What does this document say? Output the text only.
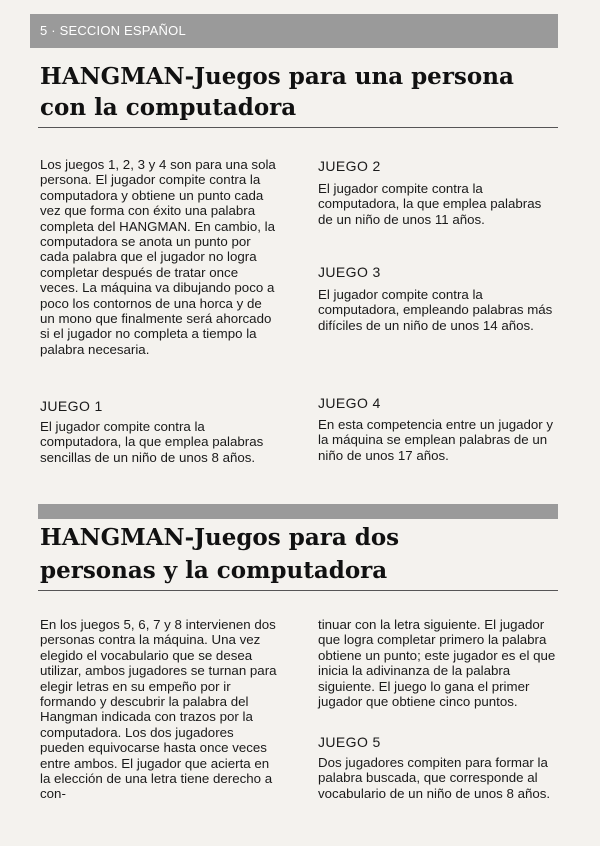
5 · SECCION ESPAÑOL
HANGMAN-Juegos para una persona
con la computadora

Los juegos 1, 2, 3 y 4 son para una sola persona. El jugador compite contra la computadora y obtiene un punto cada vez que forma con éxito una palabra completa del HANGMAN. En cambio, la computadora se anota un punto por cada palabra que el jugador no logra completar después de tratar once veces. La máquina va dibujando poco a poco los contornos de una horca y de un mono que finalmente será ahorcado si el jugador no completa a tiempo la palabra necesaria.

JUEGO 1

El jugador compite contra la computadora, la que emplea palabras sencillas de un niño de unos 8 años.

JUEGO 2

El jugador compite contra la computadora, la que emplea palabras de un niño de unos 11 años.

JUEGO 3

El jugador compite contra la computadora, empleando palabras más difíciles de un niño de unos 14 años.

JUEGO 4

En esta competencia entre un jugador y la máquina se emplean palabras de un niño de unos 17 años.

HANGMAN-Juegos para dos
personas y la computadora

En los juegos 5, 6, 7 y 8 intervienen dos personas contra la máquina. Una vez elegido el vocabulario que se desea utilizar, ambos jugadores se turnan para elegir letras en su empeño por ir formando y descubrir la palabra del Hangman indicada con trazos por la computadora. Los dos jugadores pueden equivocarse hasta once veces entre ambos. El jugador que acierta en la elección de una letra tiene derecho a con-

tinuar con la letra siguiente. El jugador que logra completar primero la palabra obtiene un punto; este jugador es el que inicia la adivinanza de la palabra siguiente. El juego lo gana el primer jugador que obtiene cinco puntos.

JUEGO 5

Dos jugadores compiten para formar la palabra buscada, que corresponde al vocabulario de un niño de unos 8 años.
